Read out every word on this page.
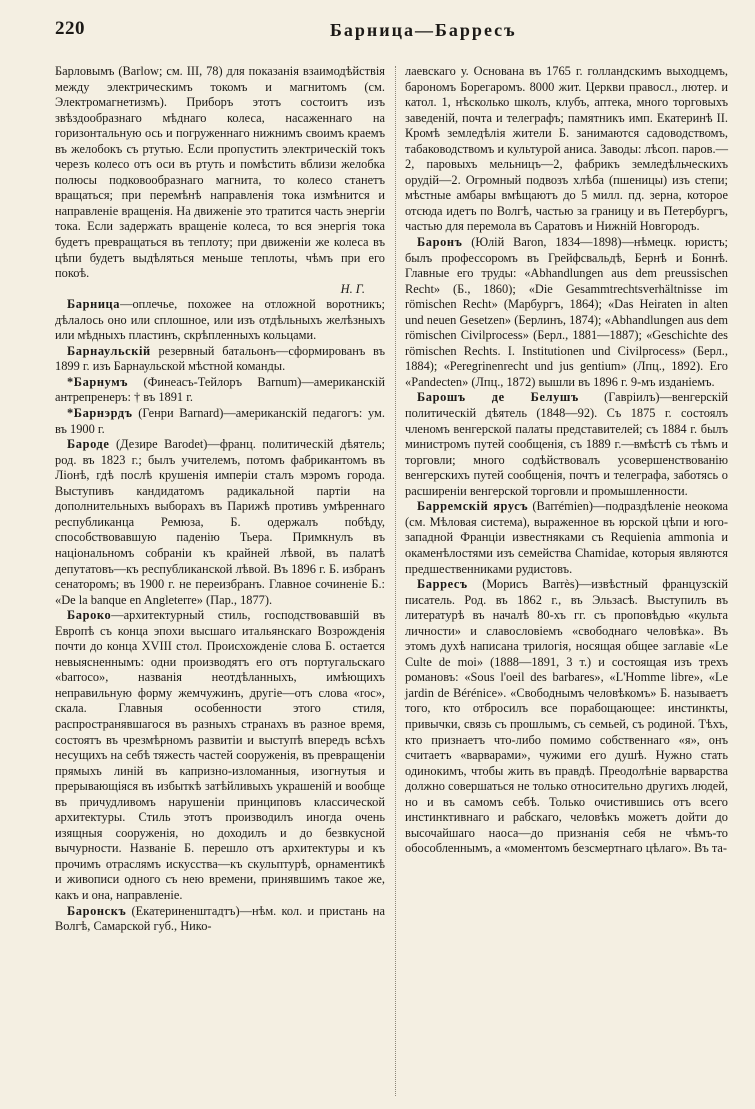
220	Барница—Барресъ

Барловымъ (Barlow; см. III, 78) для показанія взаимодѣйствія между электрическимъ токомъ и магнитомъ (см. Электромагнетизмъ). Приборъ этотъ состоитъ изъ звѣздообразнаго мѣднаго колеса, насаженнаго на горизонтальную ось и погруженнаго нижнимъ своимъ краемъ въ желобокъ съ ртутью. Если пропустить электрическій токъ черезъ колесо отъ оси въ ртуть и помѣстить вблизи желобка полюсы подковообразнаго магнита, то колесо станетъ вращаться; при перемѣнѣ направленія тока измѣнится и направленіе вращенія. На движеніе это тратится часть энергіи тока. Если задержать вращеніе колеса, то вся энергія тока будетъ превращаться въ теплоту; при движеніи же колеса въ цѣпи будетъ выдѣляться меньше теплоты, чѣмъ при его покоѣ.
Н. Г.

Барница—оплечье, похожее на отложной воротникъ; дѣлалось оно или сплошное, или изъ отдѣльныхъ желѣзныхъ или мѣдныхъ пластинъ, скрѣпленныхъ кольцами.

Барнаульскій резервный батальонъ—сформированъ въ 1899 г. изъ Барнаульской мѣстной команды.

*Барнумъ (Финеасъ-Тейлоръ Barnum)—американскій антрепренеръ: † въ 1891 г.

*Барнэрдъ (Генри Barnard)—американскій педагогъ: ум. въ 1900 г.

Бароде (Дезире Barodet)—франц. политическій дѣятель; род. въ 1823 г.; былъ учителемъ, потомъ фабрикантомъ въ Ліонѣ, гдѣ послѣ крушенія имперіи сталъ мэромъ города. Выступивъ кандидатомъ радикальной партіи на дополнительныхъ выборахъ въ Парижѣ противъ умѣреннаго республиканца Ремюза, Б. одержалъ побѣду, способствовавшую паденію Тьера. Примкнулъ въ національномъ собраніи къ крайней лѣвой, въ палатѣ депутатовъ—къ республиканской лѣвой. Въ 1896 г. Б. избранъ сенаторомъ; въ 1900 г. не переизбранъ. Главное сочиненіе Б.: «De la banque en Angleterre» (Пар., 1877).

Бароко—архитектурный стиль, господствовавшій въ Европѣ съ конца эпохи высшаго итальянскаго Возрожденія почти до конца XVIII стол. Происхожденіе слова Б. остается невыясненнымъ: одни производятъ его отъ португальскаго «barroco», названія неотдѣланныхъ, имѣющихъ неправильную форму жемчужинъ, другіе—отъ слова «roc», скала. Главныя особенности этого стиля, распространявшагося въ разныхъ странахъ въ разное время, состоятъ въ чрезмѣрномъ развитіи и выступѣ впередъ всѣхъ несущихъ на себѣ тяжесть частей сооруженія, въ превращеніи прямыхъ линій въ капризно-изломанныя, изогнутыя и прерывающіяся въ избыткѣ затѣйливыхъ украшеній и вообще въ причудливомъ нарушеніи принциповъ классической архитектуры. Стиль этотъ производилъ иногда очень изящныя сооруженія, но доходилъ и до безвкусной вычурности. Названіе Б. перешло отъ архитектуры и къ прочимъ отраслямъ искусства—къ скульптурѣ, орнаментикѣ и живописи одного съ нею времени, принявшимъ такое же, какъ и она, направленіе.

Баронскъ (Екатериненштадтъ)—нѣм. кол. и пристань на Волгѣ, Самарской губ., Нико-

лаевскаго у. Основана въ 1765 г. голландскимъ выходцемъ, барономъ Борегаромъ. 8000 жит. Церкви правосл., лютер. и катол. 1, нѣсколько школъ, клубъ, аптека, много торговыхъ заведеній, почта и телеграфъ; памятникъ имп. Екатеринѣ II. Кромѣ земледѣлія жители Б. занимаются садоводствомъ, табаководствомъ и культурой аниса. Заводы: лѣсоп. паров.—2, паровыхъ мельницъ—2, фабрикъ земледѣльческихъ орудій—2. Огромный подвозъ хлѣба (пшеницы) изъ степи; мѣстные амбары вмѣщаютъ до 5 милл. пд. зерна, которое отсюда идетъ по Волгѣ, частью за границу и въ Петербургъ, частью для перемола въ Саратовъ и Нижній Новгородъ.

Баронъ (Юлій Baron, 1834—1898)—нѣмецк. юристъ; былъ профессоромъ въ Грейфсвальдѣ, Бернѣ и Боннѣ. Главные его труды: «Abhandlungen aus dem preussischen Recht» (Б., 1860); «Die Gesammtrechtsverhältnisse im römischen Recht» (Марбургъ, 1864); «Das Heiraten in alten und neuen Gesetzen» (Берлинъ, 1874); «Abhandlungen aus dem römischen Civilprocess» (Берл., 1881—1887); «Geschichte des römischen Rechts. I. Institutionen und Civilprocess» (Берл., 1884); «Peregrinenrecht und jus gentium» (Лпц., 1892). Его «Pandecten» (Лпц., 1872) вышли въ 1896 г. 9-мъ изданіемъ.

Барошъ де Белушъ (Гавріилъ)—венгерскій политическій дѣятель (1848—92). Съ 1875 г. состоялъ членомъ венгерской палаты представителей; съ 1884 г. былъ министромъ путей сообщенія, съ 1889 г.—вмѣстѣ съ тѣмъ и торговли; много содѣйствовалъ усовершенствованію венгерскихъ путей сообщенія, почтъ и телеграфа, заботясь о расширеніи венгерской торговли и промышленности.

Барремскій ярусъ (Barrémien)—подраздѣленіе неокома (см. Мѣловая система), выраженное въ юрской цѣпи и юго-западной Франціи известняками съ Requienia ammonia и окаменѣлостями изъ семейства Chamidae, которыя являются предшественниками рудистовъ.

Барресъ (Морисъ Barrès)—извѣстный французскій писатель. Род. въ 1862 г., въ Эльзасѣ. Выступилъ въ литературѣ въ началѣ 80-хъ гг. съ проповѣдью «культа личности» и славословіемъ «свободнаго человѣка». Въ этомъ духѣ написана трилогія, носящая общее заглавіе «Le Culte de moi» (1888—1891, 3 т.) и состоящая изъ трехъ романовъ: «Sous l'oeil des barbares», «L'Homme libre», «Le jardin de Bérénice». «Свободнымъ человѣкомъ» Б. называетъ того, кто отбросилъ все порабощающее: инстинкты, привычки, связь съ прошлымъ, съ семьей, съ родиной. Тѣхъ, кто признаетъ что-либо помимо собственнаго «я», онъ считаетъ «варварами», чужими его душѣ. Нужно стать одинокимъ, чтобы жить въ правдѣ. Преодолѣніе варварства должно совершаться не только относительно другихъ людей, но и въ самомъ себѣ. Только очистившись отъ всего инстинктивнаго и рабскаго, человѣкъ можетъ дойти до высочайшаго наоса—до признанія себя не чѣмъ-то обособленнымъ, а «моментомъ безсмертнаго цѣлаго». Въ та-
